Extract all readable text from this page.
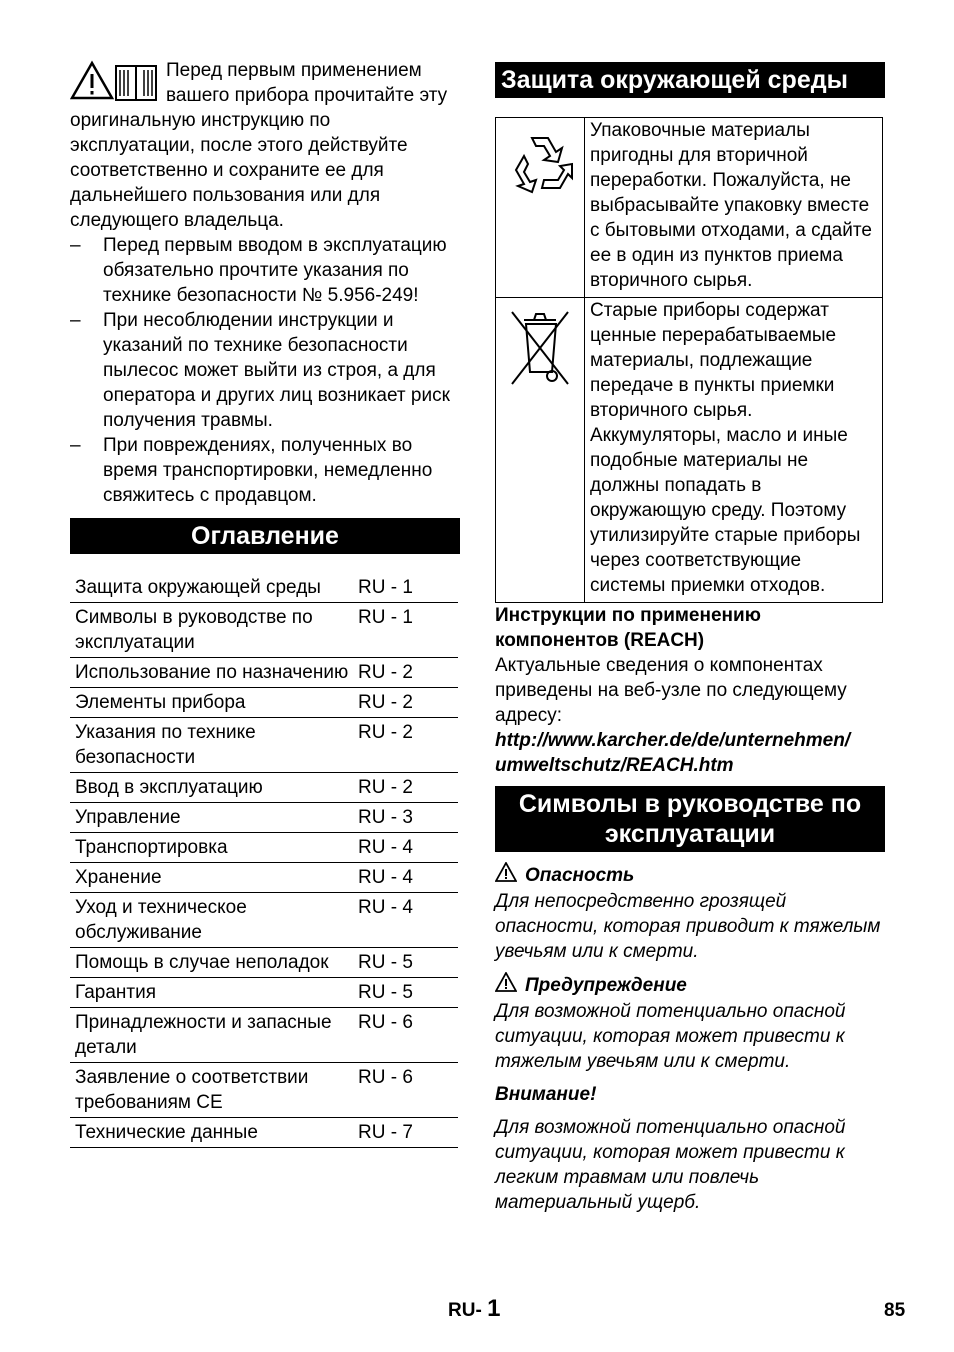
Перед первым применением вашего прибора прочитайте эту оригинальную инструкцию по эксплуатации, после этого действуйте соответственно и сохраните ее для дальнейшего пользования или для следующего владельца.

– Перед первым вводом в эксплуатацию обязательно прочтите указания по технике безопасности № 5.956-249!
– При несоблюдении инструкции и указаний по технике безопасности пылесос может выйти из строя, а для оператора и других лиц возникает риск получения травмы.
– При повреждениях, полученных во время транспортировки, немедленно свяжитесь с продавцом.
Оглавление
Защита окружающей среды	RU - 1
Символы в руководстве по эксплуатации
RU - 1
Использование по назначению RU - 2
Элементы прибора	RU - 2
Указания по технике безопасности
RU - 2
Ввод в эксплуатацию	RU - 2
Управление	RU - 3
Транспортировка	RU - 4
Хранение	RU - 4
Уход и техническое обслуживание
RU - 4
Помощь в случае неполадок	RU - 5
Гарантия	RU - 5
Принадлежности и запасные детали
RU - 6
Заявление о соответствии требованиям CE
RU - 6
Технические данные	RU - 7
Защита окружающей среды
Упаковочные материалы пригодны для вторичной переработки. Пожалуйста, не выбрасывайте упаковку вместе с бытовыми отходами, а сдайте ее в один из пунктов приема вторичного сырья.
Старые приборы содержат ценные перерабатываемые материалы, подлежащие передаче в пункты приемки вторичного сырья. Аккумуляторы, масло и иные подобные материалы не должны попадать в окружающую среду. Поэтому утилизируйте старые приборы через соответствующие системы приемки отходов.
Инструкции по применению компонентов (REACH)
Актуальные сведения о компонентах приведены на веб-узле по следующему адресу:
http://www.karcher.de/de/unternehmen/
umweltschutz/REACH.htm
Символы в руководстве по эксплуатации
Опасность
Для непосредственно грозящей опасности, которая приводит к тяжелым увечьям или к смерти.
Предупреждение
Для возможной потенциально опасной ситуации, которая может привести к тяжелым увечьям или к смерти.
Внимание!
Для возможной потенциально опасной ситуации, которая может привести к легким травмам или повлечь материальный ущерб.
RU- 1	85
